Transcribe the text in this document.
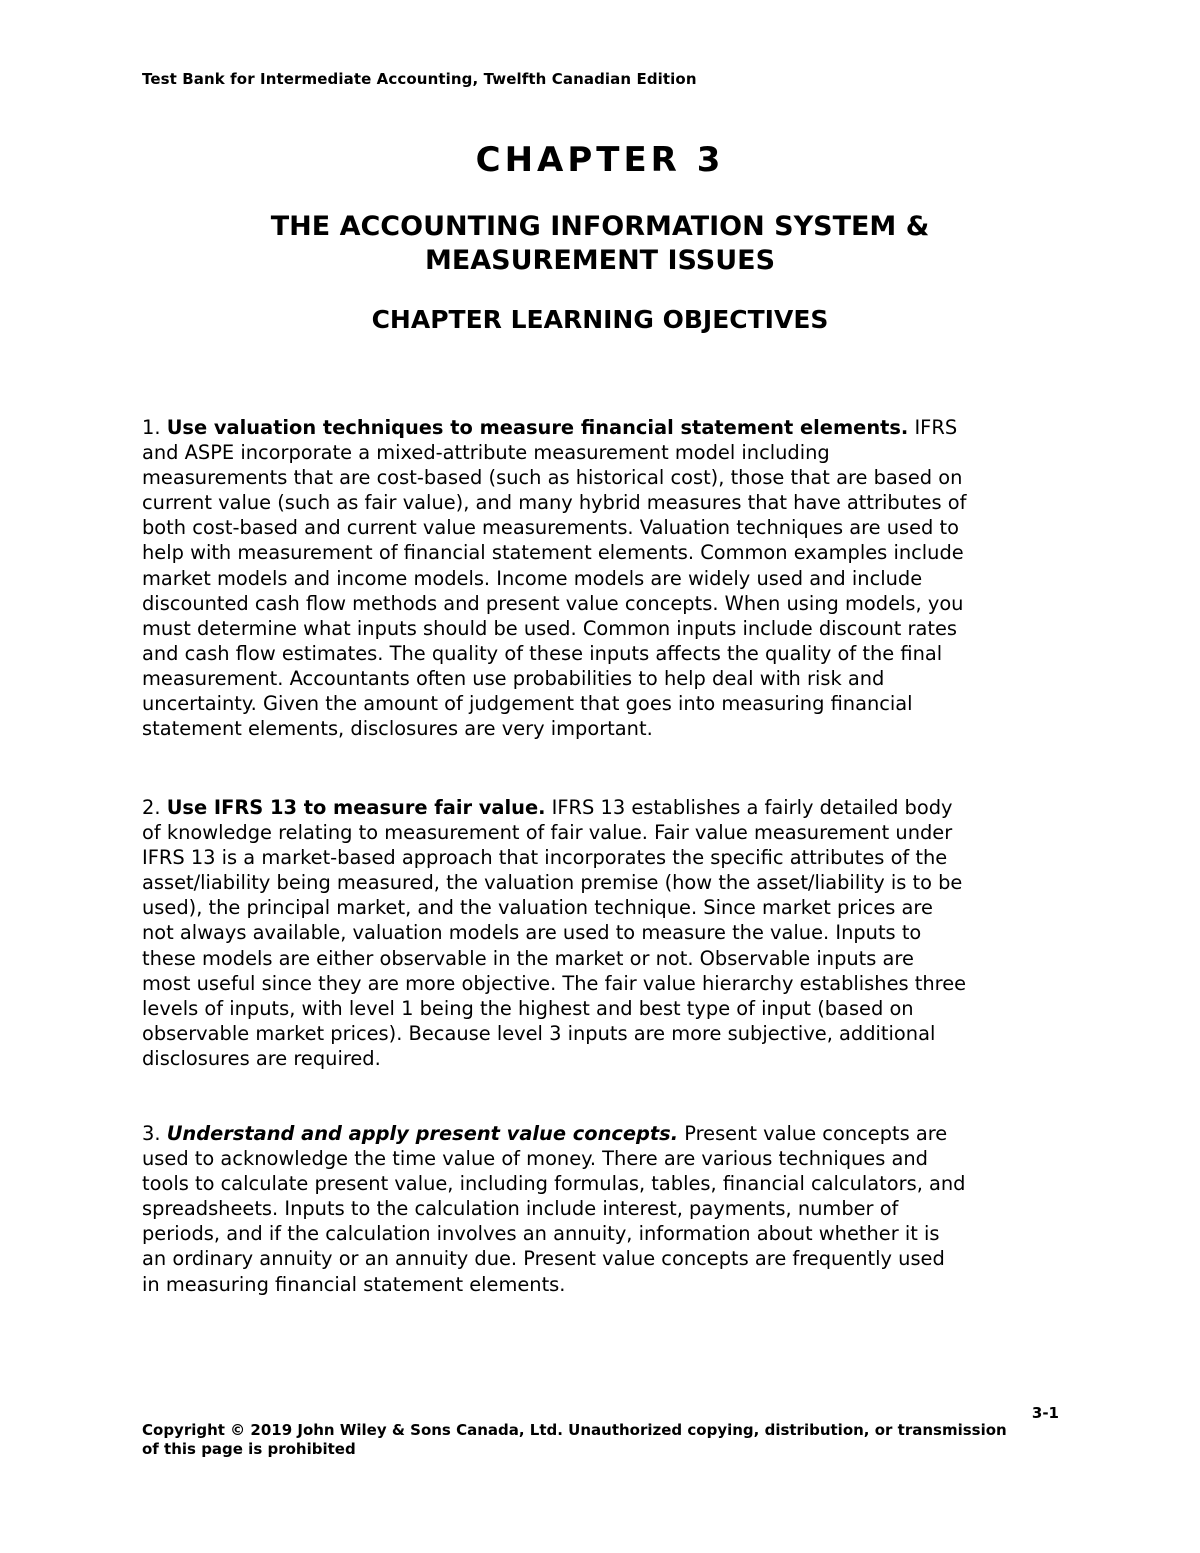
Test Bank for Intermediate Accounting, Twelfth Canadian Edition
CHAPTER 3
THE ACCOUNTING INFORMATION SYSTEM &
MEASUREMENT ISSUES
CHAPTER LEARNING OBJECTIVES
1. Use valuation techniques to measure financial statement elements. IFRS
and ASPE incorporate a mixed-attribute measurement model including
measurements that are cost-based (such as historical cost), those that are based on
current value (such as fair value), and many hybrid measures that have attributes of
both cost-based and current value measurements. Valuation techniques are used to
help with measurement of financial statement elements. Common examples include
market models and income models. Income models are widely used and include
discounted cash flow methods and present value concepts. When using models, you
must determine what inputs should be used. Common inputs include discount rates
and cash flow estimates. The quality of these inputs affects the quality of the final
measurement. Accountants often use probabilities to help deal with risk and
uncertainty. Given the amount of judgement that goes into measuring financial
statement elements, disclosures are very important.
2. Use IFRS 13 to measure fair value. IFRS 13 establishes a fairly detailed body
of knowledge relating to measurement of fair value. Fair value measurement under
IFRS 13 is a market-based approach that incorporates the specific attributes of the
asset/liability being measured, the valuation premise (how the asset/liability is to be
used), the principal market, and the valuation technique. Since market prices are
not always available, valuation models are used to measure the value. Inputs to
these models are either observable in the market or not. Observable inputs are
most useful since they are more objective. The fair value hierarchy establishes three
levels of inputs, with level 1 being the highest and best type of input (based on
observable market prices). Because level 3 inputs are more subjective, additional
disclosures are required.
3. Understand and apply present value concepts. Present value concepts are
used to acknowledge the time value of money. There are various techniques and
tools to calculate present value, including formulas, tables, financial calculators, and
spreadsheets. Inputs to the calculation include interest, payments, number of
periods, and if the calculation involves an annuity, information about whether it is
an ordinary annuity or an annuity due. Present value concepts are frequently used
in measuring financial statement elements.
3-1
Copyright © 2019 John Wiley & Sons Canada, Ltd. Unauthorized copying, distribution, or transmission
of this page is prohibited
